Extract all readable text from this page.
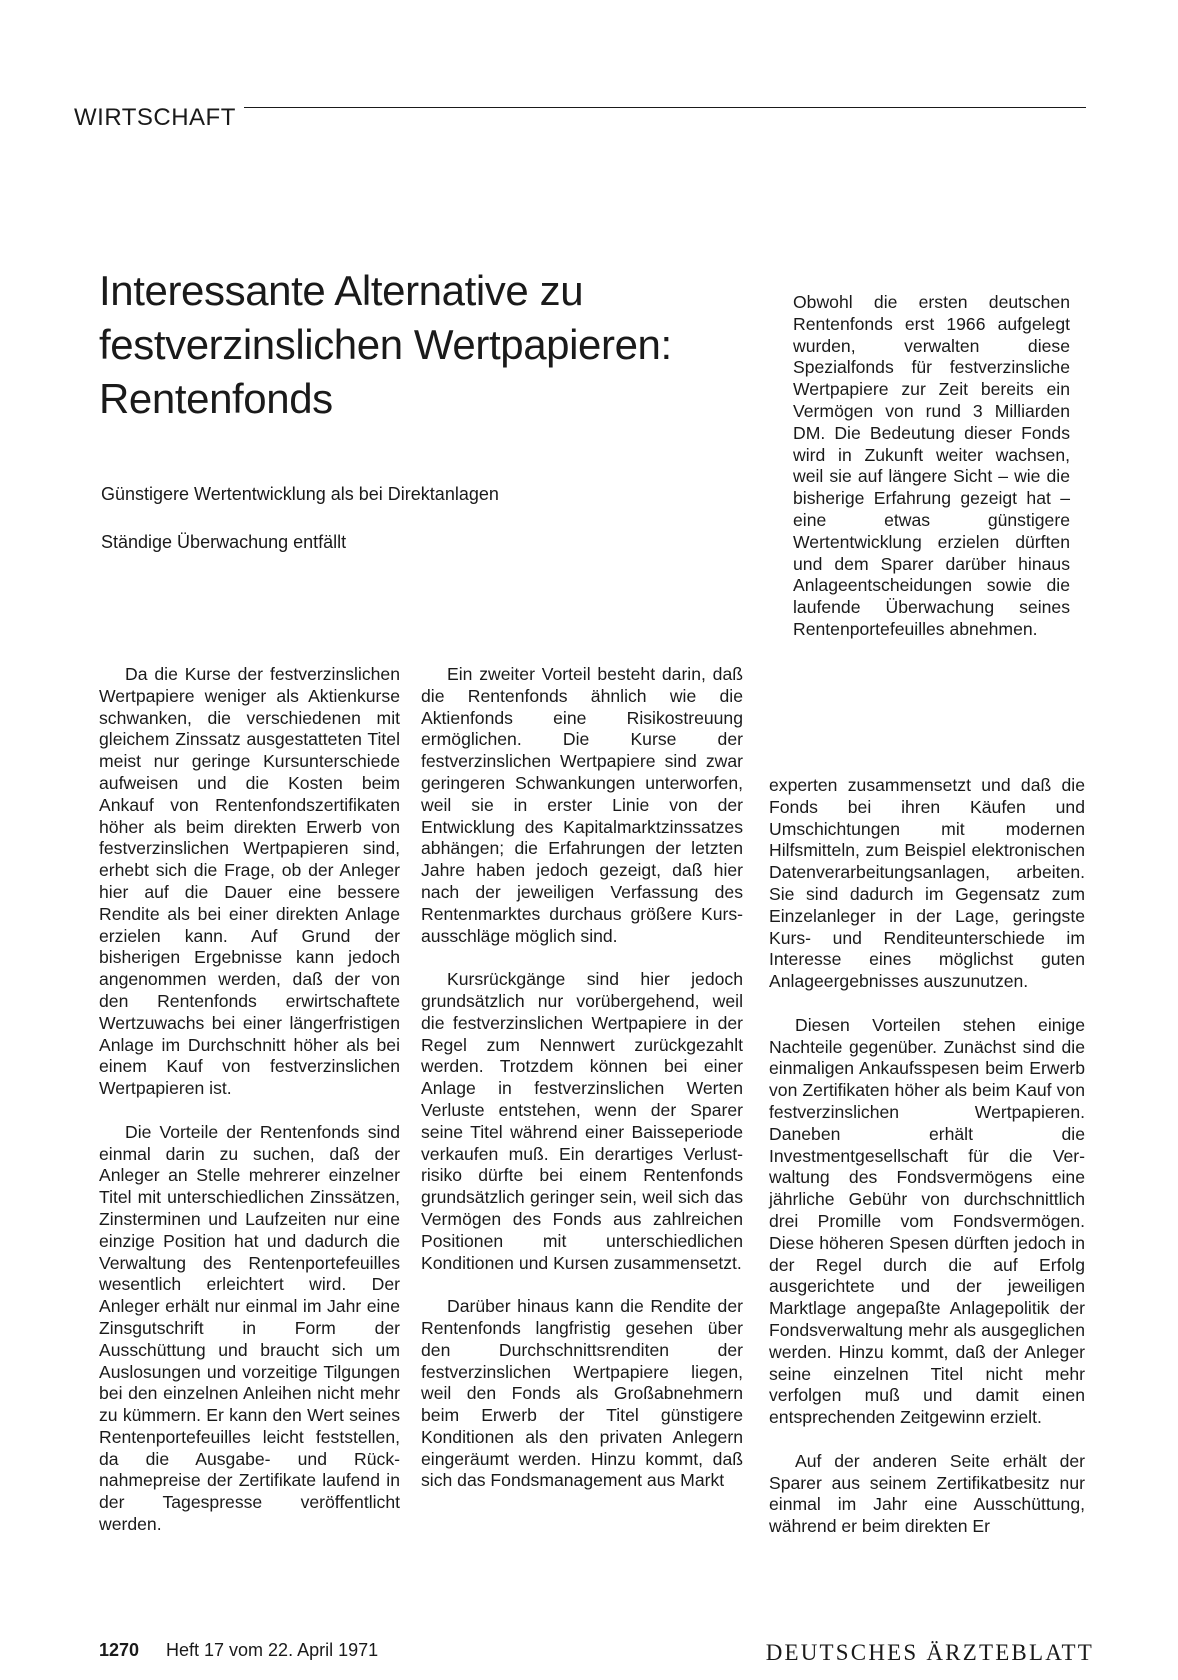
WIRTSCHAFT
Interessante Alternative zu
festverzinslichen Wertpapieren:
Rentenfonds

Günstigere Wertentwicklung als bei Direktanlagen

Ständige Überwachung entfällt

Da die Kurse der festverzinslichen Wertpapiere weniger als Aktienkurse schwanken, die verschiedenen mit gleichem Zinssatz ausgestatteten Titel meist nur geringe Kursunterschiede aufweisen und die Kosten beim Ankauf von Rentenfondszertifikaten höher als beim direkten Erwerb von festverzinslichen Wertpapieren sind, erhebt sich die Frage, ob der Anleger hier auf die Dauer eine bessere Rendite als bei einer direkten Anlage erzielen kann. Auf Grund der bisherigen Ergebnisse kann jedoch angenommen werden, daß der von den Rentenfonds erwirtschaftete Wertzuwachs bei einer längerfristigen Anlage im Durchschnitt höher als bei einem Kauf von festverzinslichen Wertpapieren ist.

Die Vorteile der Rentenfonds sind einmal darin zu suchen, daß der Anleger an Stelle mehrerer einzelner Titel mit unterschiedlichen Zinssätzen, Zinsterminen und Laufzeiten nur eine einzige Position hat und dadurch die Verwaltung des Rentenportefeuilles wesentlich erleichtert wird. Der Anleger erhält nur einmal im Jahr eine Zinsgutschrift in Form der Ausschüttung und braucht sich um Auslosungen und vorzeitige Tilgungen bei den einzelnen Anleihen nicht mehr zu kümmern. Er kann den Wert seines Rentenportefeuilles leicht feststellen, da die Ausgabe- und Rücknahmepreise der Zertifikate laufend in der Tagespresse veröffentlicht werden.

Ein zweiter Vorteil besteht darin, daß die Rentenfonds ähnlich wie die Aktienfonds eine Risikostreuung ermöglichen. Die Kurse der festverzinslichen Wertpapiere sind zwar geringeren Schwankungen unterworfen, weil sie in erster Linie von der Entwicklung des Kapitalmarktzinssatzes abhängen; die Erfahrungen der letzten Jahre haben jedoch gezeigt, daß hier nach der jeweiligen Verfassung des Rentenmarktes durchaus größere Kursausschläge möglich sind.

Kursrückgänge sind hier jedoch grundsätzlich nur vorübergehend, weil die festverzinslichen Wertpapiere in der Regel zum Nennwert zurückgezahlt werden. Trotzdem können bei einer Anlage in festverzinslichen Werten Verluste entstehen, wenn der Sparer seine Titel während einer Baisseperiode verkaufen muß. Ein derartiges Verlustrisiko dürfte bei einem Rentenfonds grundsätzlich geringer sein, weil sich das Vermögen des Fonds aus zahlreichen Positionen mit unterschiedlichen Konditionen und Kursen zusammensetzt.

Darüber hinaus kann die Rendite der Rentenfonds langfristig gesehen über den Durchschnittsrenditen der festverzinslichen Wertpapiere liegen, weil den Fonds als Großabnehmern beim Erwerb der Titel günstigere Konditionen als den privaten Anlegern eingeräumt werden. Hinzu kommt, daß sich das Fondsmanagement aus Markt

Obwohl die ersten deutschen Rentenfonds erst 1966 aufgelegt wurden, verwalten diese Spezialfonds für festverzinsliche Wertpapiere zur Zeit bereits ein Vermögen von rund 3 Milliarden DM. Die Bedeutung dieser Fonds wird in Zukunft weiter wachsen, weil sie auf längere Sicht – wie die bisherige Erfahrung gezeigt hat – eine etwas günstigere Wertentwicklung erzielen dürften und dem Sparer darüber hinaus Anlageentscheidungen sowie die laufende Überwachung seines Rentenportefeuilles abnehmen.

experten zusammensetzt und daß die Fonds bei ihren Käufen und Umschichtungen mit modernen Hilfsmitteln, zum Beispiel elektronischen Datenverarbeitungsanlagen, arbeiten. Sie sind dadurch im Gegensatz zum Einzelanleger in der Lage, geringste Kurs- und Renditeunterschiede im Interesse eines möglichst guten Anlageergebnisses auszunutzen.

Diesen Vorteilen stehen einige Nachteile gegenüber. Zunächst sind die einmaligen Ankaufsspesen beim Erwerb von Zertifikaten höher als beim Kauf von festverzinslichen Wertpapieren. Daneben erhält die Investmentgesellschaft für die Verwaltung des Fondsvermögens eine jährliche Gebühr von durchschnittlich drei Promille vom Fondsvermögen. Diese höheren Spesen dürften jedoch in der Regel durch die auf Erfolg ausgerichtete und der jeweiligen Marktlage angepaßte Anlagepolitik der Fondsverwaltung mehr als ausgeglichen werden. Hinzu kommt, daß der Anleger seine einzelnen Titel nicht mehr verfolgen muß und damit einen entsprechenden Zeitgewinn erzielt.

Auf der anderen Seite erhält der Sparer aus seinem Zertifikatbesitz nur einmal im Jahr eine Ausschüttung, während er beim direkten Er

1270 Heft 17 vom 22. April 1971	DEUTSCHES ÄRZTEBLATT
